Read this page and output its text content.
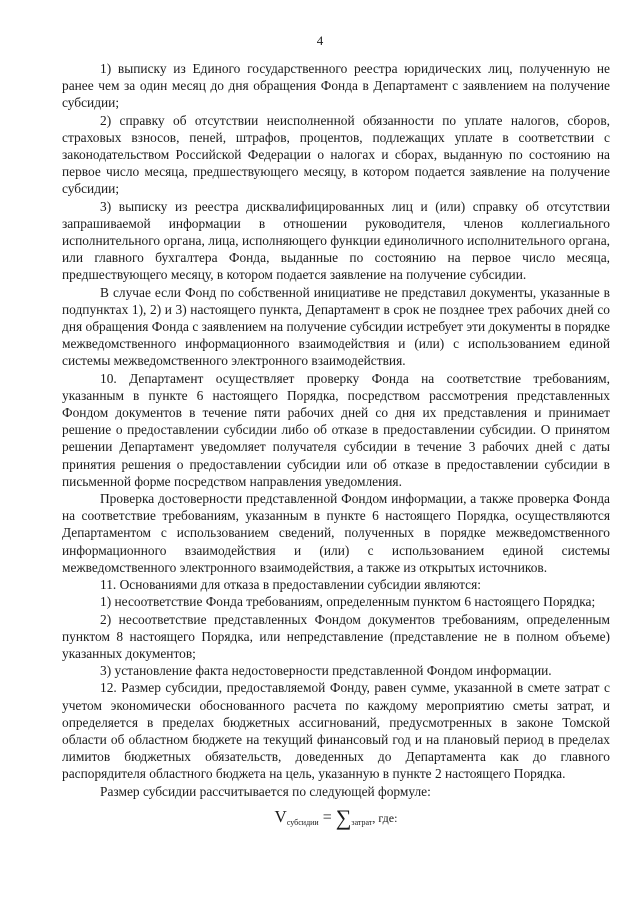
4

1) выписку из Единого государственного реестра юридических лиц, полученную не ранее чем за один месяц до дня обращения Фонда в Департамент с заявлением на получение субсидии;

2) справку об отсутствии неисполненной обязанности по уплате налогов, сборов, страховых взносов, пеней, штрафов, процентов, подлежащих уплате в соответствии с законодательством Российской Федерации о налогах и сборах, выданную по состоянию на первое число месяца, предшествующего месяцу, в котором подается заявление на получение субсидии;

3) выписку из реестра дисквалифицированных лиц и (или) справку об отсутствии запрашиваемой информации в отношении руководителя, членов коллегиального исполнительного органа, лица, исполняющего функции единоличного исполнительного органа, или главного бухгалтера Фонда, выданные по состоянию на первое число месяца, предшествующего месяцу, в котором подается заявление на получение субсидии.

В случае если Фонд по собственной инициативе не представил документы, указанные в подпунктах 1), 2) и 3) настоящего пункта, Департамент в срок не позднее трех рабочих дней со дня обращения Фонда с заявлением на получение субсидии истребует эти документы в порядке межведомственного информационного взаимодействия и (или) с использованием единой системы межведомственного электронного взаимодействия.

10. Департамент осуществляет проверку Фонда на соответствие требованиям, указанным в пункте 6 настоящего Порядка, посредством рассмотрения представленных Фондом документов в течение пяти рабочих дней со дня их представления и принимает решение о предоставлении субсидии либо об отказе в предоставлении субсидии. О принятом решении Департамент уведомляет получателя субсидии в течение 3 рабочих дней с даты принятия решения о предоставлении субсидии или об отказе в предоставлении субсидии в письменной форме посредством направления уведомления.

Проверка достоверности представленной Фондом информации, а также проверка Фонда на соответствие требованиям, указанным в пункте 6 настоящего Порядка, осуществляются Департаментом с использованием сведений, полученных в порядке межведомственного информационного взаимодействия и (или) с использованием единой системы межведомственного электронного взаимодействия, а также из открытых источников.

11. Основаниями для отказа в предоставлении субсидии являются:

1) несоответствие Фонда требованиям, определенным пунктом 6 настоящего Порядка;

2) несоответствие представленных Фондом документов требованиям, определенным пунктом 8 настоящего Порядка, или непредставление (представление не в полном объеме) указанных документов;

3) установление факта недостоверности представленной Фондом информации.

12. Размер субсидии, предоставляемой Фонду, равен сумме, указанной в смете затрат с учетом экономически обоснованного расчета по каждому мероприятию сметы затрат, и определяется в пределах бюджетных ассигнований, предусмотренных в законе Томской области об областном бюджете на текущий финансовый год и на плановый период в пределах лимитов бюджетных обязательств, доведенных до Департамента как до главного распорядителя областного бюджета на цель, указанную в пункте 2 настоящего Порядка.

Размер субсидии рассчитывается по следующей формуле:

$V_{субсидии} = \sum_{затрат}$, где:
